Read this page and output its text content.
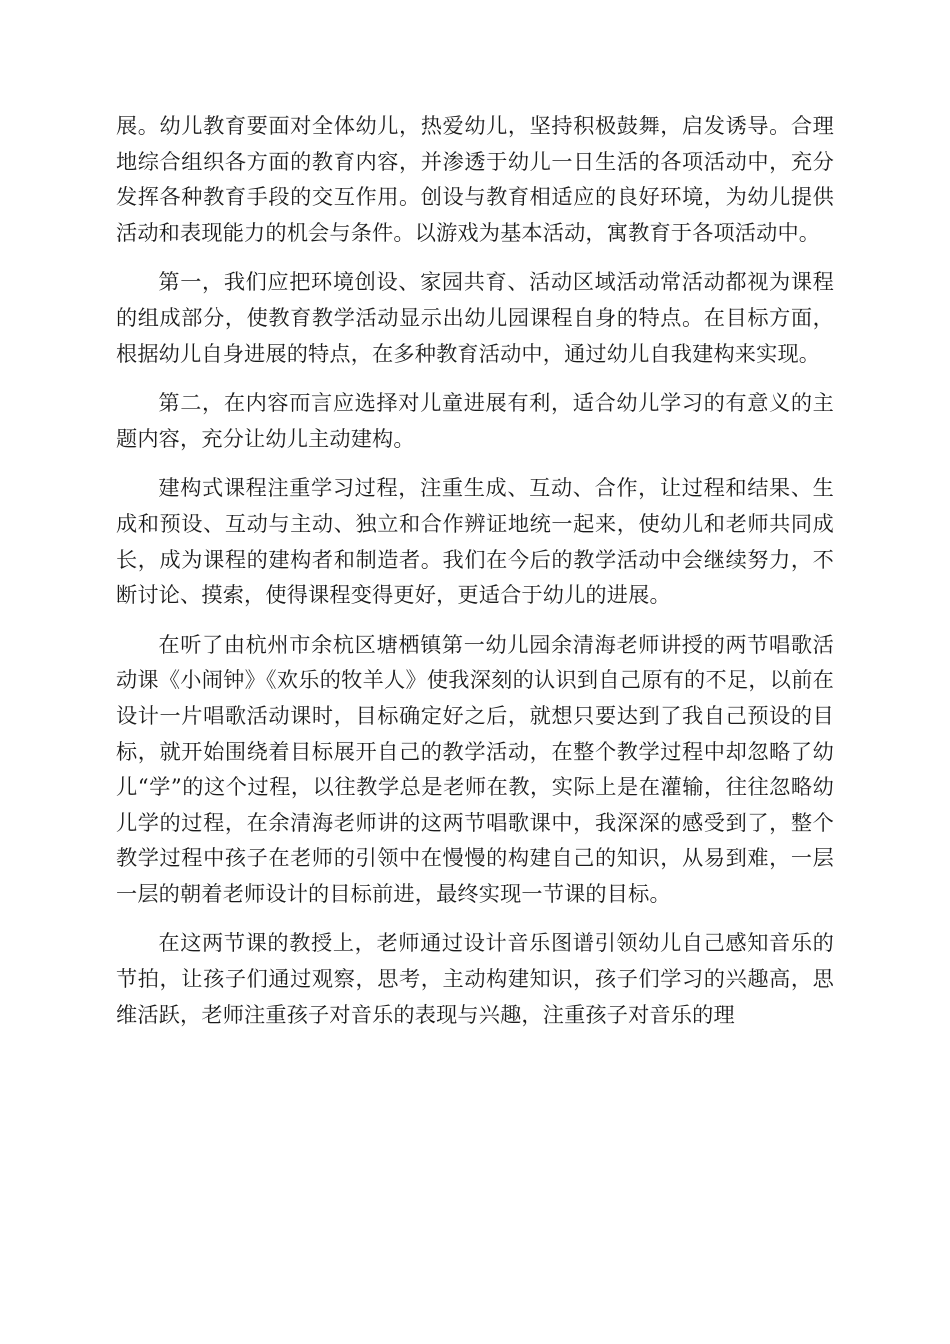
展。幼儿教育要面对全体幼儿，热爱幼儿，坚持积极鼓舞，启发诱导。合理地综合组织各方面的教育内容，并渗透于幼儿一日生活的各项活动中，充分发挥各种教育手段的交互作用。创设与教育相适应的良好环境，为幼儿提供活动和表现能力的机会与条件。以游戏为基本活动，寓教育于各项活动中。

第一，我们应把环境创设、家园共育、活动区域活动常活动都视为课程的组成部分，使教育教学活动显示出幼儿园课程自身的特点。在目标方面，根据幼儿自身进展的特点，在多种教育活动中，通过幼儿自我建构来实现。

第二，在内容而言应选择对儿童进展有利，适合幼儿学习的有意义的主题内容，充分让幼儿主动建构。

建构式课程注重学习过程，注重生成、互动、合作，让过程和结果、生成和预设、互动与主动、独立和合作辨证地统一起来，使幼儿和老师共同成长，成为课程的建构者和制造者。我们在今后的教学活动中会继续努力，不断讨论、摸索，使得课程变得更好，更适合于幼儿的进展。

在听了由杭州市余杭区塘栖镇第一幼儿园余清海老师讲授的两节唱歌活动课《小闹钟》《欢乐的牧羊人》使我深刻的认识到自己原有的不足，以前在设计一片唱歌活动课时，目标确定好之后，就想只要达到了我自己预设的目标，就开始围绕着目标展开自己的教学活动，在整个教学过程中却忽略了幼儿“学”的这个过程，以往教学总是老师在教，实际上是在灌输，往往忽略幼儿学的过程，在余清海老师讲的这两节唱歌课中，我深深的感受到了，整个教学过程中孩子在老师的引领中在慢慢的构建自己的知识，从易到难，一层一层的朝着老师设计的目标前进，最终实现一节课的目标。

在这两节课的教授上，老师通过设计音乐图谱引领幼儿自己感知音乐的节拍，让孩子们通过观察，思考，主动构建知识，孩子们学习的兴趣高，思维活跃，老师注重孩子对音乐的表现与兴趣，注重孩子对音乐的理
